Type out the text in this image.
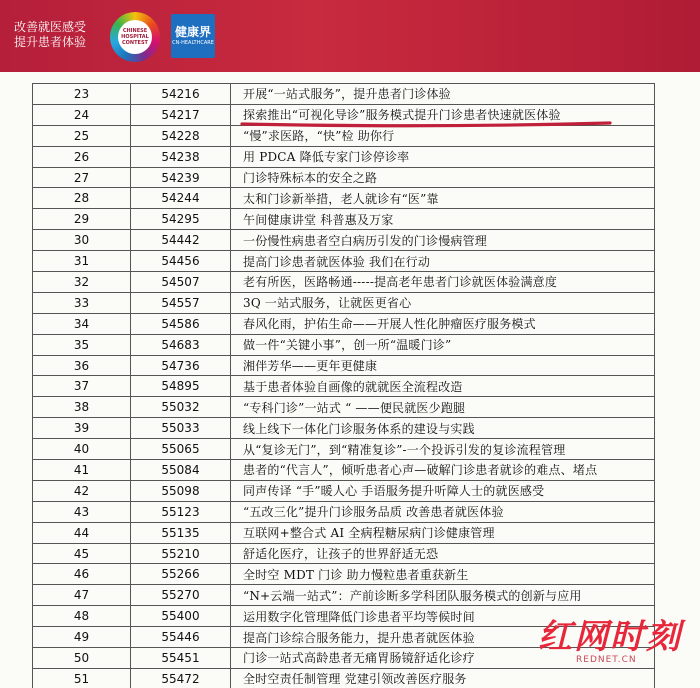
改善就医感受
提升患者体验
CHINESE
HOSPITAL
CONTEST
健康界
CN-HEALTHCARE
23	54216	开展“一站式服务”，提升患者门诊体验
24	54217	探索推出“可视化导诊”服务模式提升门诊患者快速就医体验
25	54228	“慢”求医路，“快”检 助你行
26	54238	用 PDCA 降低专家门诊停诊率
27	54239	门诊特殊标本的安全之路
28	54244	太和门诊新举措，老人就诊有“医”靠
29	54295	午间健康讲堂 科普惠及万家
30	54442	一份慢性病患者空白病历引发的门诊慢病管理
31	54456	提高门诊患者就医体验 我们在行动
32	54507	老有所医，医路畅通-----提高老年患者门诊就医体验满意度
33	54557	3Q 一站式服务，让就医更省心
34	54586	春风化雨，护佑生命——开展人性化肿瘤医疗服务模式
35	54683	做一件“关键小事”，创一所“温暖门诊”
36	54736	湘伴芳华——更年更健康
37	54895	基于患者体验自画像的就就医全流程改造
38	55032	“专科门诊”一站式 “ ——便民就医少跑腿
39	55033	线上线下一体化门诊服务体系的建设与实践
40	55065	从“复诊无门”，到“精准复诊”-一个投诉引发的复诊流程管理
41	55084	患者的“代言人”，倾听患者心声—破解门诊患者就诊的难点、堵点
42	55098	同声传译 “手”暖人心 手语服务提升听障人士的就医感受
43	55123	“五改三化”提升门诊服务品质 改善患者就医体验
44	55135	互联网+整合式 AI 全病程糖尿病门诊健康管理
45	55210	舒适化医疗，让孩子的世界舒适无恐
46	55266	全时空 MDT 门诊 助力慢粒患者重获新生
47	55270	“N+云端一站式”：产前诊断多学科团队服务模式的创新与应用
48	55400	运用数字化管理降低门诊患者平均等候时间
49	55446	提高门诊综合服务能力，提升患者就医体验
50	55451	门诊一站式高龄患者无痛胃肠镜舒适化诊疗
51	55472	全时空责任制管理 党建引领改善医疗服务
红网时刻
REDNET.CN
